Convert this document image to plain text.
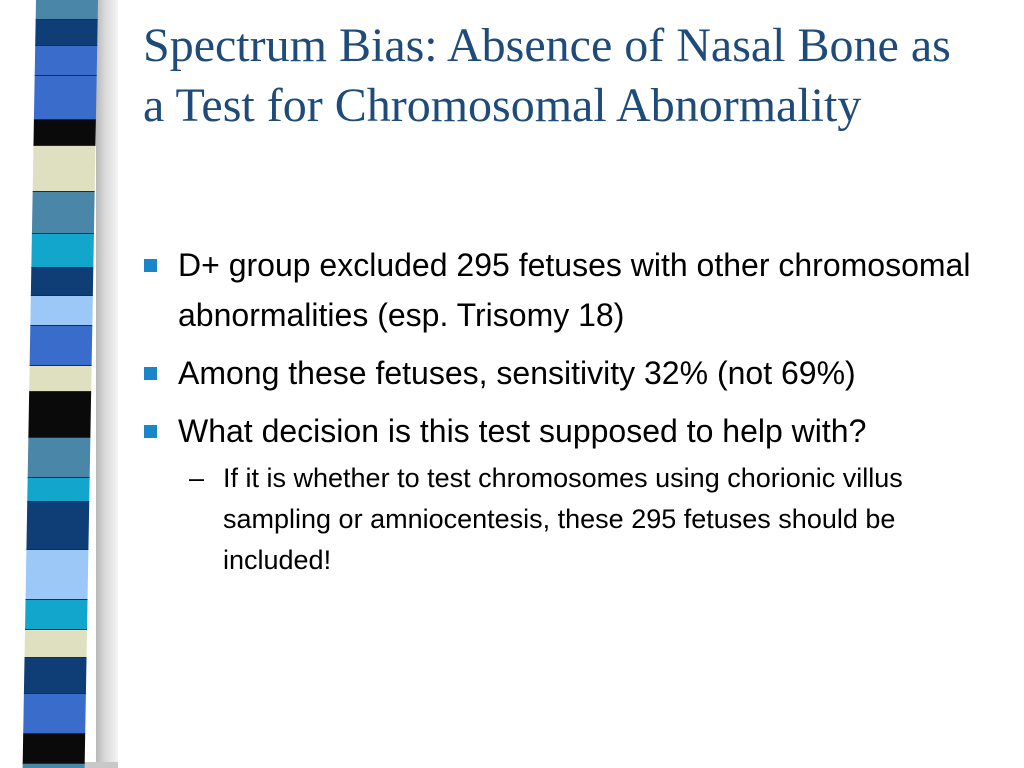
Spectrum Bias: Absence of Nasal Bone as a Test for Chromosomal Abnormality
D+ group excluded 295 fetuses with other chromosomal abnormalities (esp. Trisomy 18)
Among these fetuses, sensitivity 32% (not 69%)
What decision is this test supposed to help with?
– If it is whether to test chromosomes using chorionic villus sampling or amniocentesis, these 295 fetuses should be included!
